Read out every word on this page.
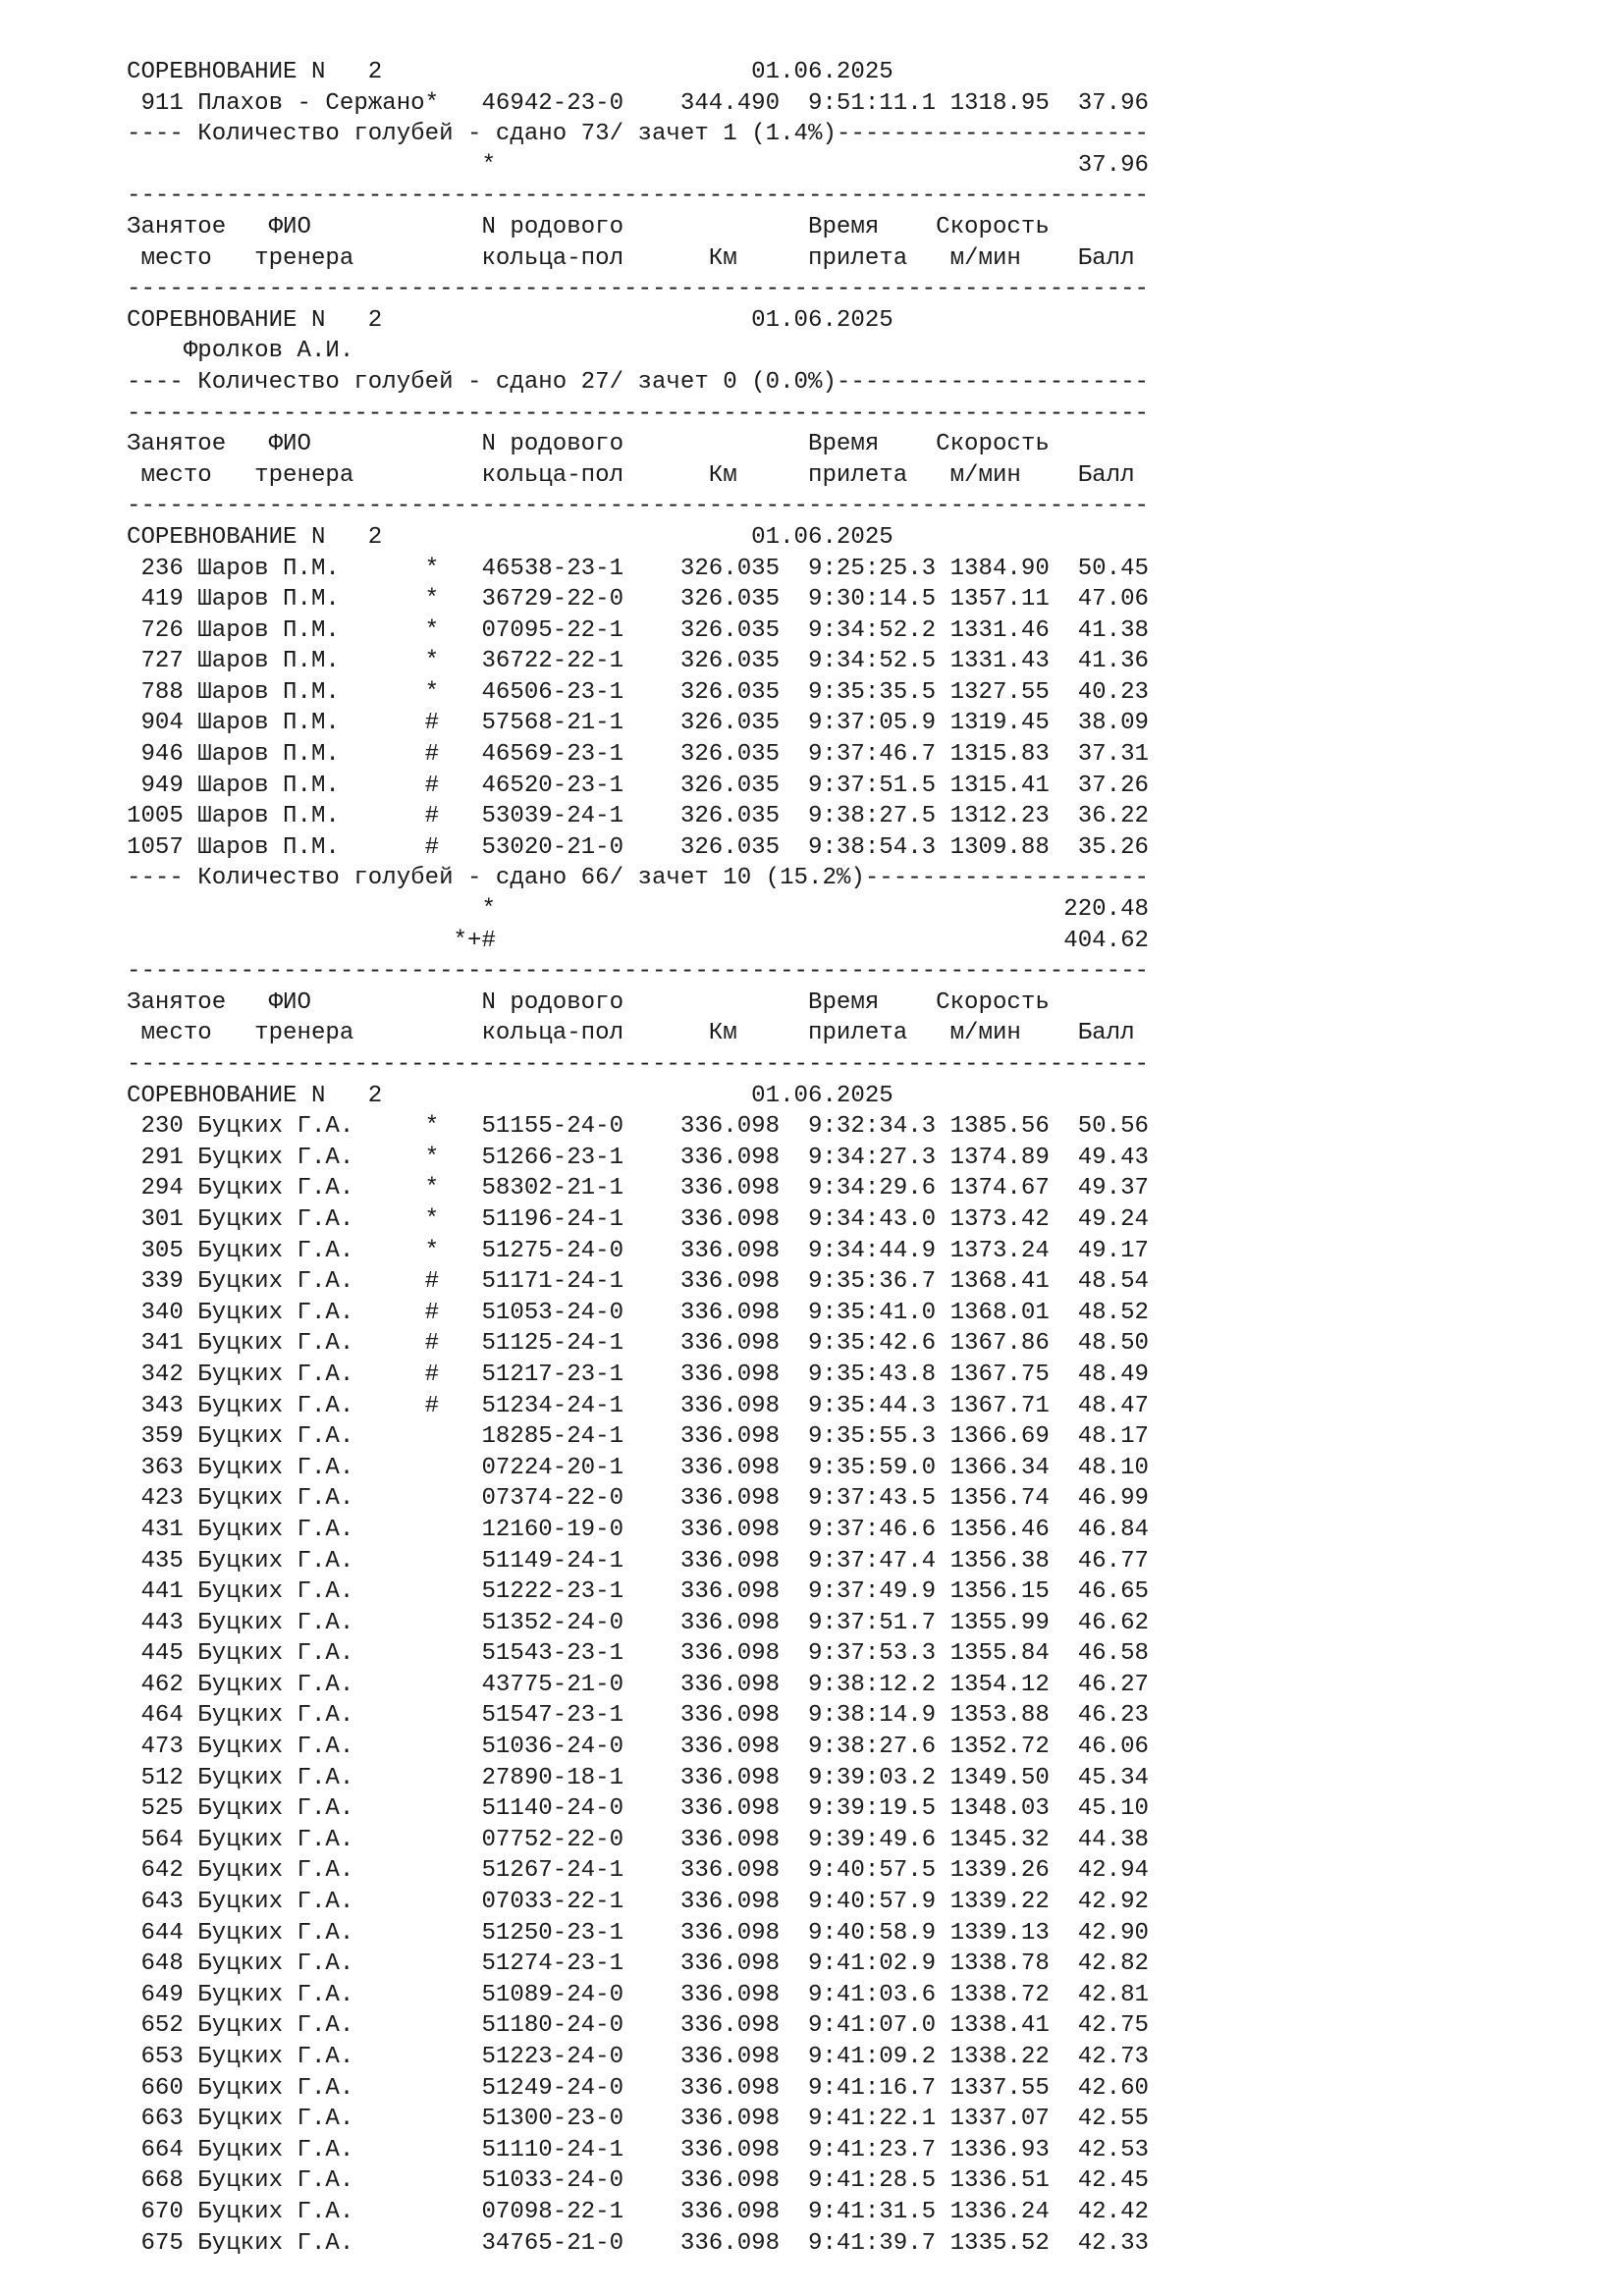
СОРЕВНОВАНИЕ N   2                          01.06.2025
911 Плахов - Сержано*   46942-23-0    344.490  9:51:11.1 1318.95  37.96
---- Количество голубей - сдано 73/ зачет 1 (1.4%)----------------------
*                                         37.96
------------------------------------------------------------------------
Занятое   ФИО            N родового             Время    Скорость
место   тренера         кольца-пол      Км     прилета   м/мин    Балл
------------------------------------------------------------------------
СОРЕВНОВАНИЕ N   2                          01.06.2025
Фролков А.И.
---- Количество голубей - сдано 27/ зачет 0 (0.0%)----------------------
------------------------------------------------------------------------
Занятое   ФИО            N родового             Время    Скорость
место   тренера         кольца-пол      Км     прилета   м/мин    Балл
------------------------------------------------------------------------
СОРЕВНОВАНИЕ N   2                          01.06.2025
236 Шаров П.М.      *   46538-23-1    326.035  9:25:25.3 1384.90  50.45
419 Шаров П.М.      *   36729-22-0    326.035  9:30:14.5 1357.11  47.06
726 Шаров П.М.      *   07095-22-1    326.035  9:34:52.2 1331.46  41.38
727 Шаров П.М.      *   36722-22-1    326.035  9:34:52.5 1331.43  41.36
788 Шаров П.М.      *   46506-23-1    326.035  9:35:35.5 1327.55  40.23
904 Шаров П.М.      #   57568-21-1    326.035  9:37:05.9 1319.45  38.09
946 Шаров П.М.      #   46569-23-1    326.035  9:37:46.7 1315.83  37.31
949 Шаров П.М.      #   46520-23-1    326.035  9:37:51.5 1315.41  37.26
1005 Шаров П.М.      #   53039-24-1    326.035  9:38:27.5 1312.23  36.22
1057 Шаров П.М.      #   53020-21-0    326.035  9:38:54.3 1309.88  35.26
---- Количество голубей - сдано 66/ зачет 10 (15.2%)--------------------
*                                        220.48
*+#                                        404.62
------------------------------------------------------------------------
Занятое   ФИО            N родового             Время    Скорость
место   тренера         кольца-пол      Км     прилета   м/мин    Балл
------------------------------------------------------------------------
СОРЕВНОВАНИЕ N   2                          01.06.2025
230 Буцких Г.А.     *   51155-24-0    336.098  9:32:34.3 1385.56  50.56
291 Буцких Г.А.     *   51266-23-1    336.098  9:34:27.3 1374.89  49.43
294 Буцких Г.А.     *   58302-21-1    336.098  9:34:29.6 1374.67  49.37
301 Буцких Г.А.     *   51196-24-1    336.098  9:34:43.0 1373.42  49.24
305 Буцких Г.А.     *   51275-24-0    336.098  9:34:44.9 1373.24  49.17
339 Буцких Г.А.     #   51171-24-1    336.098  9:35:36.7 1368.41  48.54
340 Буцких Г.А.     #   51053-24-0    336.098  9:35:41.0 1368.01  48.52
341 Буцких Г.А.     #   51125-24-1    336.098  9:35:42.6 1367.86  48.50
342 Буцких Г.А.     #   51217-23-1    336.098  9:35:43.8 1367.75  48.49
343 Буцких Г.А.     #   51234-24-1    336.098  9:35:44.3 1367.71  48.47
359 Буцких Г.А.         18285-24-1    336.098  9:35:55.3 1366.69  48.17
363 Буцких Г.А.         07224-20-1    336.098  9:35:59.0 1366.34  48.10
423 Буцких Г.А.         07374-22-0    336.098  9:37:43.5 1356.74  46.99
431 Буцких Г.А.         12160-19-0    336.098  9:37:46.6 1356.46  46.84
435 Буцких Г.А.         51149-24-1    336.098  9:37:47.4 1356.38  46.77
441 Буцких Г.А.         51222-23-1    336.098  9:37:49.9 1356.15  46.65
443 Буцких Г.А.         51352-24-0    336.098  9:37:51.7 1355.99  46.62
445 Буцких Г.А.         51543-23-1    336.098  9:37:53.3 1355.84  46.58
462 Буцких Г.А.         43775-21-0    336.098  9:38:12.2 1354.12  46.27
464 Буцких Г.А.         51547-23-1    336.098  9:38:14.9 1353.88  46.23
473 Буцких Г.А.         51036-24-0    336.098  9:38:27.6 1352.72  46.06
512 Буцких Г.А.         27890-18-1    336.098  9:39:03.2 1349.50  45.34
525 Буцких Г.А.         51140-24-0    336.098  9:39:19.5 1348.03  45.10
564 Буцких Г.А.         07752-22-0    336.098  9:39:49.6 1345.32  44.38
642 Буцких Г.А.         51267-24-1    336.098  9:40:57.5 1339.26  42.94
643 Буцких Г.А.         07033-22-1    336.098  9:40:57.9 1339.22  42.92
644 Буцких Г.А.         51250-23-1    336.098  9:40:58.9 1339.13  42.90
648 Буцких Г.А.         51274-23-1    336.098  9:41:02.9 1338.78  42.82
649 Буцких Г.А.         51089-24-0    336.098  9:41:03.6 1338.72  42.81
652 Буцких Г.А.         51180-24-0    336.098  9:41:07.0 1338.41  42.75
653 Буцких Г.А.         51223-24-0    336.098  9:41:09.2 1338.22  42.73
660 Буцких Г.А.         51249-24-0    336.098  9:41:16.7 1337.55  42.60
663 Буцких Г.А.         51300-23-0    336.098  9:41:22.1 1337.07  42.55
664 Буцких Г.А.         51110-24-1    336.098  9:41:23.7 1336.93  42.53
668 Буцких Г.А.         51033-24-0    336.098  9:41:28.5 1336.51  42.45
670 Буцких Г.А.         07098-22-1    336.098  9:41:31.5 1336.24  42.42
675 Буцких Г.А.         34765-21-0    336.098  9:41:39.7 1335.52  42.33
